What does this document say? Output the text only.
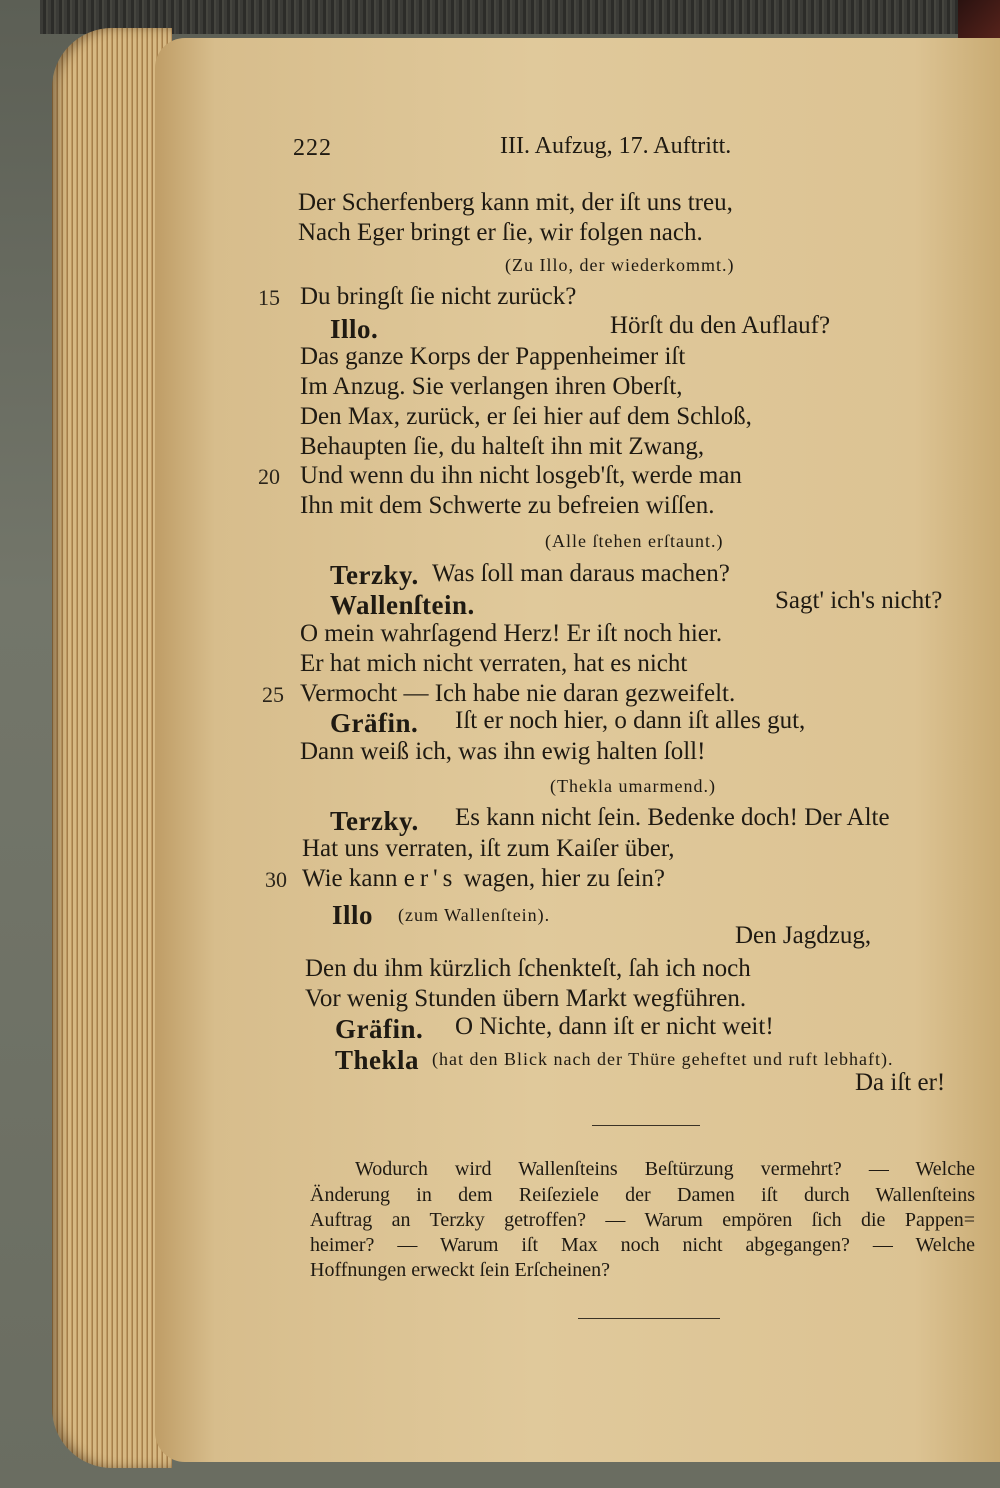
222	III. Aufzug, 17. Auftritt.
Der Scherfenberg kann mit, der iſt uns treu,
Nach Eger bringt er ſie, wir folgen nach.
(Zu Illo, der wiederkommt.)
15 Du bringſt ſie nicht zurück?
Illo.	Hörſt du den Auflauf?
Das ganze Korps der Pappenheimer iſt
Im Anzug. Sie verlangen ihren Oberſt,
Den Max, zurück, er ſei hier auf dem Schloß,
Behaupten ſie, du halteſt ihn mit Zwang,
20 Und wenn du ihn nicht losgeb'ſt, werde man
Ihn mit dem Schwerte zu befreien wiſſen.
(Alle ſtehen erſtaunt.)
Terzky. Was ſoll man daraus machen?
Wallenſtein.	Sagt' ich's nicht?
O mein wahrſagend Herz! Er iſt noch hier.
Er hat mich nicht verraten, hat es nicht
25 Vermocht — Ich habe nie daran gezweifelt.
Gräfin. Iſt er noch hier, o dann iſt alles gut,
Dann weiß ich, was ihn ewig halten ſoll!
(Thekla umarmend.)
Terzky. Es kann nicht ſein. Bedenke doch! Der Alte
Hat uns verraten, iſt zum Kaiſer über,
30 Wie kann er's wagen, hier zu ſein?
Illo (zum Wallenſtein).
Den Jagdzug,
Den du ihm kürzlich ſchenkteſt, ſah ich noch
Vor wenig Stunden übern Markt wegführen.
Gräfin. O Nichte, dann iſt er nicht weit!
Thekla (hat den Blick nach der Thüre geheftet und ruft lebhaft).
Da iſt er!
Wodurch wird Wallenſteins Beſtürzung vermehrt? — Welche
Änderung in dem Reiſeziele der Damen iſt durch Wallenſteins
Auftrag an Terzky getroffen? — Warum empören ſich die Pappen=
heimer? — Warum iſt Max noch nicht abgegangen? — Welche
Hoffnungen erweckt ſein Erſcheinen?
